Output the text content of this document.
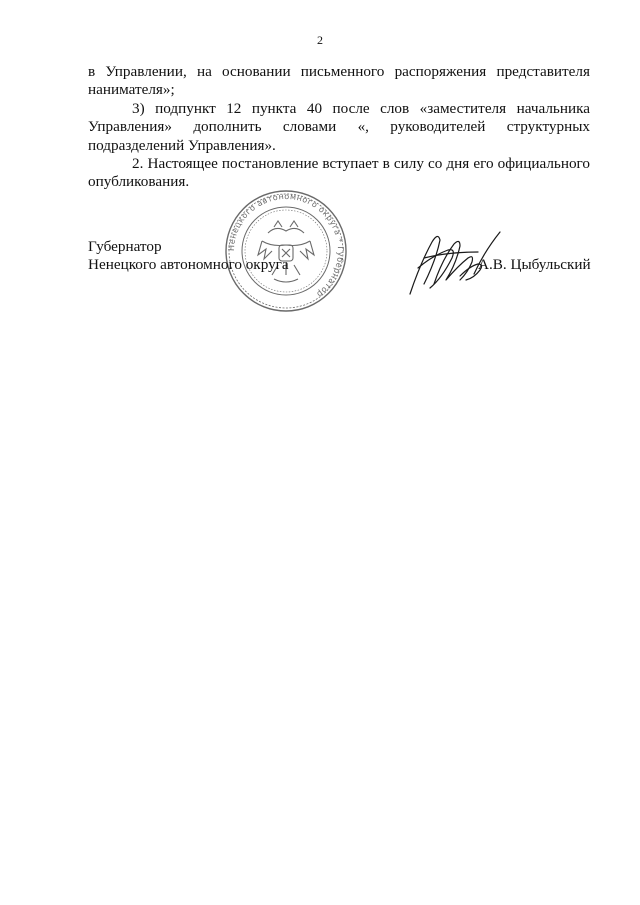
2

в Управлении, на основании письменного распоряжения представителя нанимателя»;

3) подпункт 12 пункта 40 после слов «заместителя начальника Управления» дополнить словами «, руководителей структурных подразделений Управления».

2. Настоящее постановление вступает в силу со дня его официального опубликования.

Ненецкого автономного округа * Губернатор
Губернатор
Ненецкого автономного округа	А.В. Цыбульский
